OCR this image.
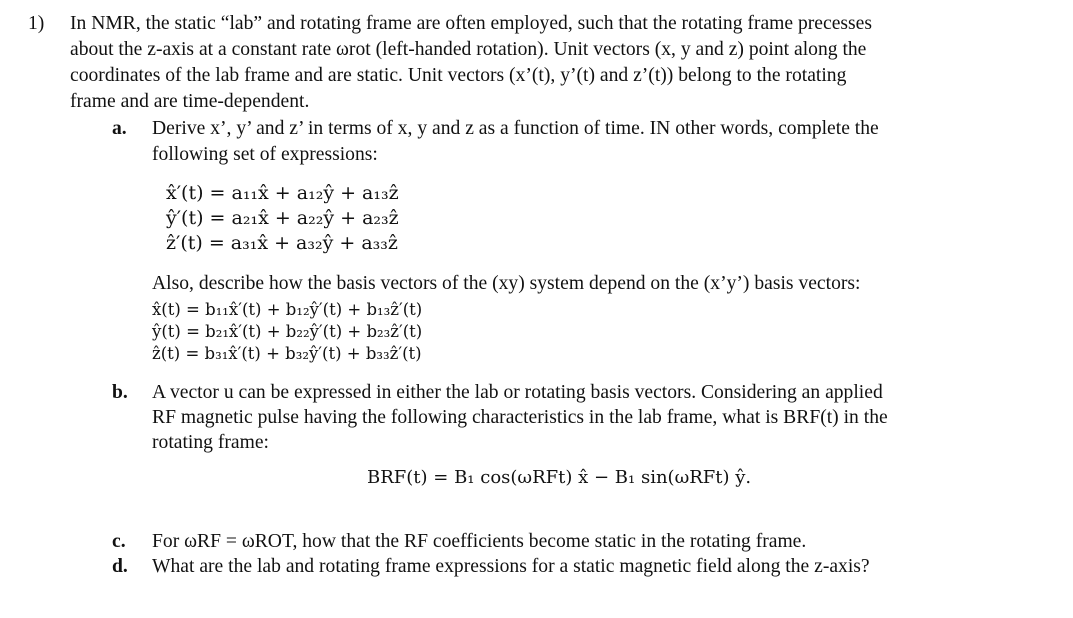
1) In NMR, the static “lab” and rotating frame are often employed, such that the rotating frame precesses
about the z-axis at a constant rate ωrot (left-handed rotation). Unit vectors (x, y and z) point along the
coordinates of the lab frame and are static. Unit vectors (x’(t), y’(t) and z’(t)) belong to the rotating
frame and are time-dependent.
a. Derive x’, y’ and z’ in terms of x, y and z as a function of time. IN other words, complete the
following set of expressions:
x̂′(t) = a₁₁x̂ + a₁₂ŷ + a₁₃ẑ
ŷ′(t) = a₂₁x̂ + a₂₂ŷ + a₂₃ẑ
ẑ′(t) = a₃₁x̂ + a₃₂ŷ + a₃₃ẑ
Also, describe how the basis vectors of the (xy) system depend on the (x’y’) basis vectors:
x̂(t) = b₁₁x̂′(t) + b₁₂ŷ′(t) + b₁₃ẑ′(t)
ŷ(t) = b₂₁x̂′(t) + b₂₂ŷ′(t) + b₂₃ẑ′(t)
ẑ(t) = b₃₁x̂′(t) + b₃₂ŷ′(t) + b₃₃ẑ′(t)
b. A vector u can be expressed in either the lab or rotating basis vectors. Considering an applied
RF magnetic pulse having the following characteristics in the lab frame, what is BRF(t) in the
rotating frame:
BRF(t) = B₁ cos(ωRFt) x̂ − B₁ sin(ωRFt) ŷ.
c. For ωRF = ωROT, how that the RF coefficients become static in the rotating frame.
d. What are the lab and rotating frame expressions for a static magnetic field along the z-axis?
